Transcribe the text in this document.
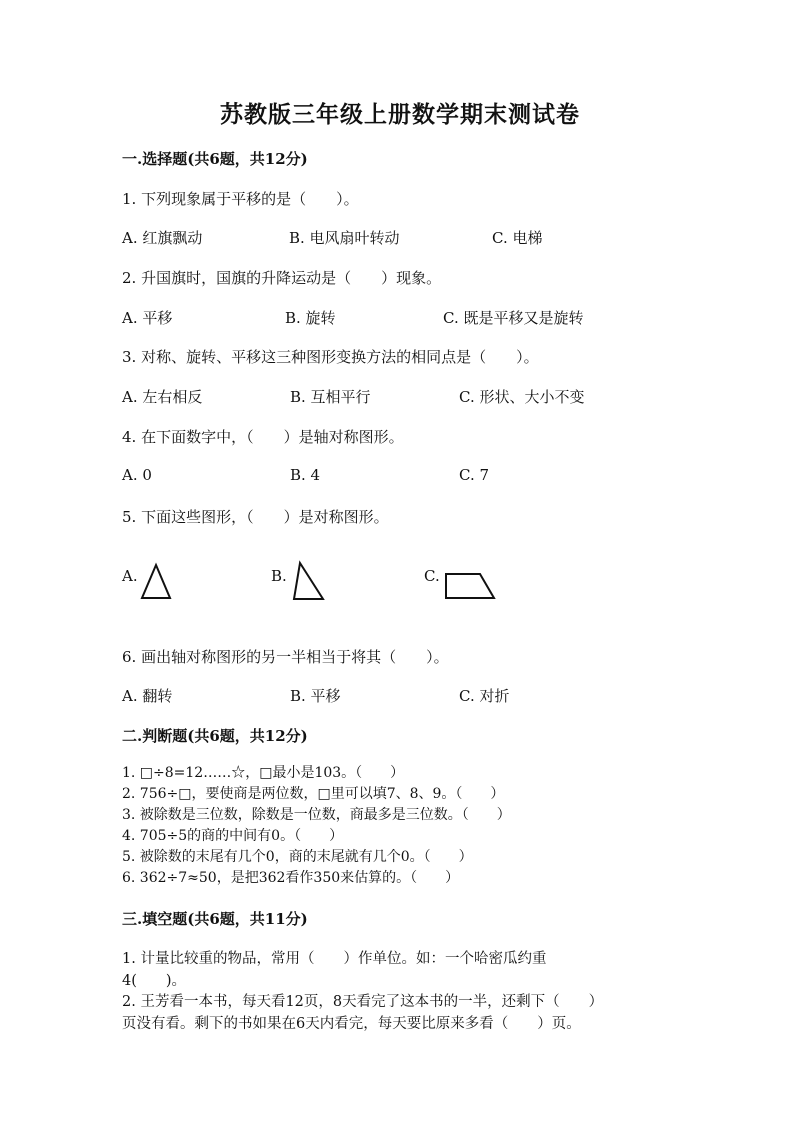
苏教版三年级上册数学期末测试卷
一.选择题(共6题，共12分)
1. 下列现象属于平移的是（　　）。
A. 红旗飘动	B. 电风扇叶转动	C. 电梯
2. 升国旗时，国旗的升降运动是（　　）现象。
A. 平移	B. 旋转	C. 既是平移又是旋转
3. 对称、旋转、平移这三种图形变换方法的相同点是（　　）。
A. 左右相反	B. 互相平行	C. 形状、大小不变
4. 在下面数字中，（　　）是轴对称图形。
A. 0	B. 4	C. 7
5. 下面这些图形，（　　）是对称图形。
A.	B.	C.
6. 画出轴对称图形的另一半相当于将其（　　）。
A. 翻转	B. 平移	C. 对折
二.判断题(共6题，共12分)
1. □÷8=12……☆，□最小是103。（　　）
2. 756÷□，要使商是两位数，□里可以填7、8、9。（　　）
3. 被除数是三位数，除数是一位数，商最多是三位数。（　　）
4. 705÷5的商的中间有0。（　　）
5. 被除数的末尾有几个0，商的末尾就有几个0。（　　）
6. 362÷7≈50，是把362看作350来估算的。（　　）
三.填空题(共6题，共11分)
1. 计量比较重的物品，常用（　　）作单位。如：一个哈密瓜约重
4(　　)。
2. 王芳看一本书，每天看12页，8天看完了这本书的一半，还剩下（　　）
页没有看。剩下的书如果在6天内看完，每天要比原来多看（　　）页。
